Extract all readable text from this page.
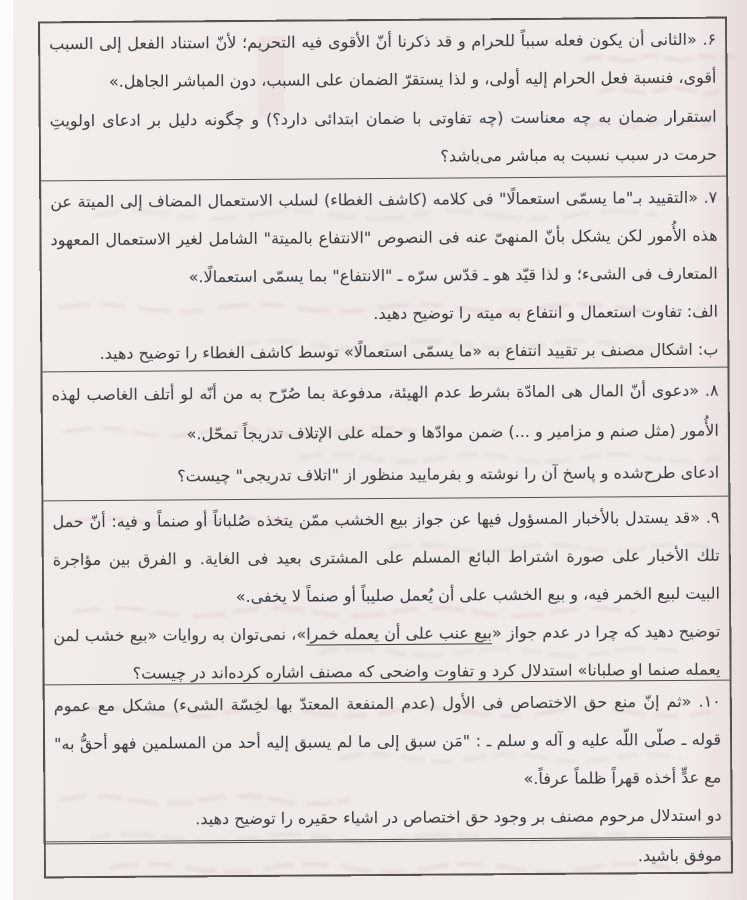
۶. «الثانى أن يكون فعله سبباً للحرام و قد ذكرنا أنّ الأقوى فيه التحريم؛ لأنّ استناد الفعل إلى السبب أقوى، فنسبة فعل الحرام إليه أولى، و لذا يستقرّ الضمان على السبب، دون المباشر الجاهل.»

استقرار ضمان به چه معناست (چه تفاوتى با ضمان ابتدائى دارد؟) و چگونه دليل بر ادعاى اولويتِ حرمت در سبب نسبت به مباشر مى‌باشد؟

۷. «التقييد بـ"ما يسمّى استعمالًا" فى كلامه (كاشف الغطاء) لسلب الاستعمال المضاف إلى الميتة عن هذه الأُمور لكن يشكل بأنّ المنهىّ عنه فى النصوص "الانتفاع بالميتة" الشامل لغير الاستعمال المعهود المتعارف فى الشىء؛ و لذا قيّد هو ـ قدّس سرّه ـ "الانتفاع" بما يسمّى استعمالًا.»

الف: تفاوت استعمال و انتفاع به ميته را توضيح دهيد.

ب: اشكال مصنف بر تقييد انتفاع به «ما يسمّى استعمالًا» توسط كاشف الغطاء را توضيح دهيد.

۸. «دعوى أنّ المال هى المادّة بشرط عدم الهيئة، مدفوعة بما صُرّح به من أنّه لو أتلف الغاصب لهذه الأُمور (مثل صنم و مزامير و ...) ضمن موادّها و حمله على الإتلاف تدريجاً تمحّل.»

ادعاى طرح‌شده و پاسخ آن را نوشته و بفرماييد منظور از "اتلاف تدريجى" چيست؟

۹. «قد يستدل بالأخبار المسؤول فيها عن جواز بيع الخشب ممّن يتخذه صُلباناً أو صنماً و فيه: أنّ حمل تلك الأخبار على صورة اشتراط البائع المسلم على المشترى بعيد فى الغاية. و الفرق بين مؤاجرة البيت لبيع الخمر فيه، و بيع الخشب على أن يُعمل صليباً أو صنماً لا يخفى.»

توضيح دهيد كه چرا در عدم جواز «بيع عنب على أن يعمله خمرا»، نمى‌توان به روايات «بيع خشب لمن يعمله صنما او صلبانا» استدلال كرد و تفاوت واضحى كه مصنف اشاره كرده‌اند در چيست؟

۱۰. «ثم إنّ منع حق الاختصاص فى الأول (عدم المنفعة المعتدّ بها لخِسّة الشىء) مشكل مع عموم قوله ـ صلّى اللّه عليه و آله و سلم ـ : "مَن سبق إلى ما لم يسبق إليه أحد من المسلمين فهو أحقُّ به" مع عدٍّ أخذه قهراً ظلماً عرفاً.»

دو استدلال مرحوم مصنف بر وجود حق اختصاص در اشياء حقيره را توضيح دهيد.

موفق باشيد.
